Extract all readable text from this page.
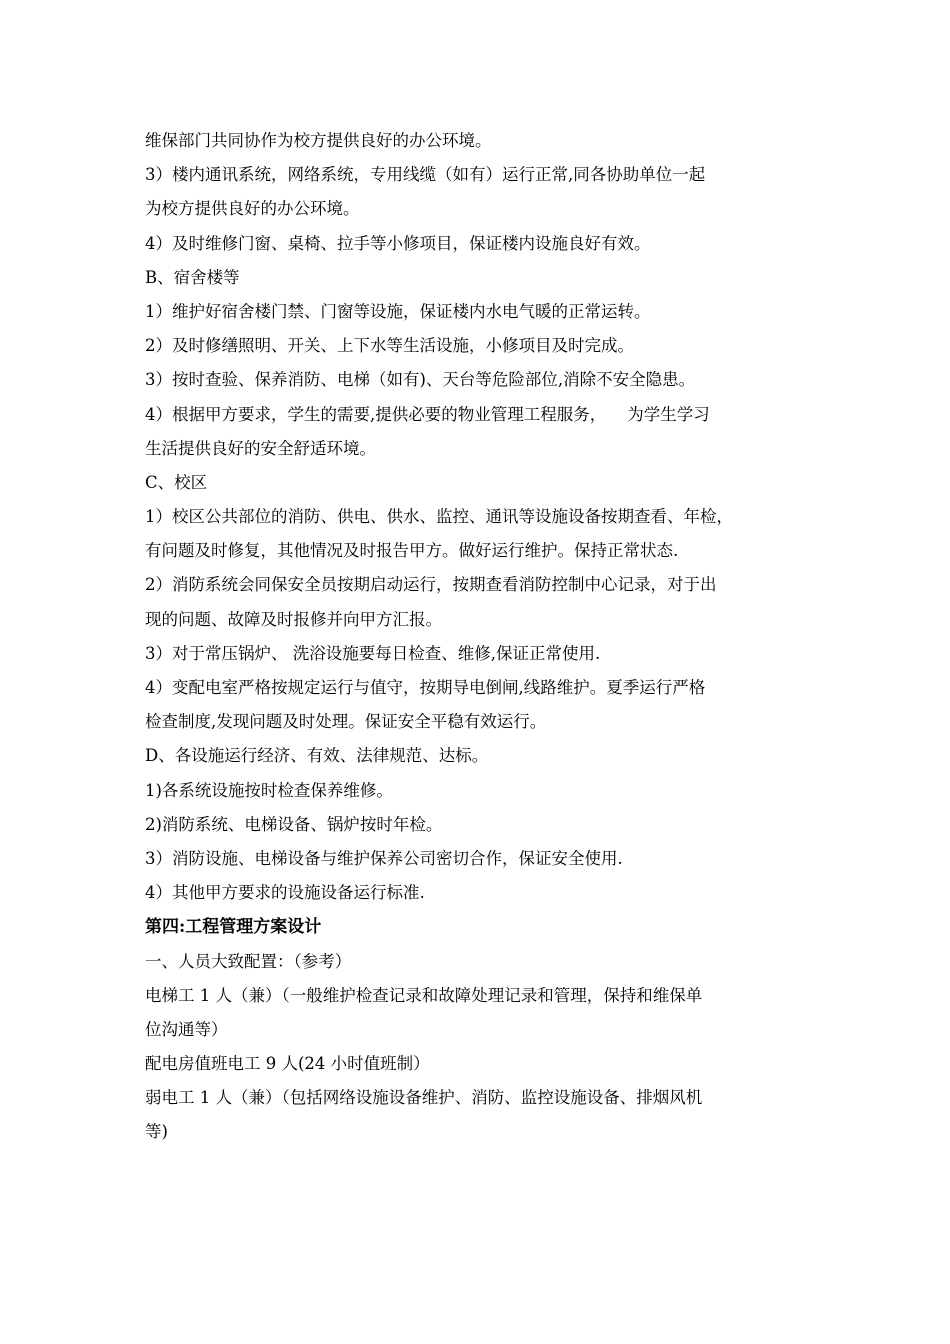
维保部门共同协作为校方提供良好的办公环境。
3）楼内通讯系统，网络系统，专用线缆（如有）运行正常,同各协助单位一起
为校方提供良好的办公环境。
4）及时维修门窗、桌椅、拉手等小修项目，保证楼内设施良好有效。
B、宿舍楼等
1）维护好宿舍楼门禁、门窗等设施，保证楼内水电气暖的正常运转。
2）及时修缮照明、开关、上下水等生活设施，小修项目及时完成。
3）按时查验、保养消防、电梯（如有)、天台等危险部位,消除不安全隐患。
4）根据甲方要求，学生的需要,提供必要的物业管理工程服务，    为学生学习
生活提供良好的安全舒适环境。
C、校区
1）校区公共部位的消防、供电、供水、监控、通讯等设施设备按期查看、年检，
有问题及时修复，其他情况及时报告甲方。做好运行维护。保持正常状态.
2）消防系统会同保安全员按期启动运行，按期查看消防控制中心记录，对于出
现的问题、故障及时报修并向甲方汇报。
3）对于常压锅炉、 洗浴设施要每日检查、维修,保证正常使用.
4）变配电室严格按规定运行与值守，按期导电倒闸,线路维护。夏季运行严格
检查制度,发现问题及时处理。保证安全平稳有效运行。
D、各设施运行经济、有效、法律规范、达标。
1)各系统设施按时检查保养维修。
2)消防系统、电梯设备、锅炉按时年检。
3）消防设施、电梯设备与维护保养公司密切合作，保证安全使用.
4）其他甲方要求的设施设备运行标准.
第四:工程管理方案设计
一、人员大致配置：（参考）
电梯工 1 人（兼）（一般维护检查记录和故障处理记录和管理，保持和维保单
位沟通等）
配电房值班电工 9 人(24 小时值班制）
弱电工 1 人（兼）（包括网络设施设备维护、消防、监控设施设备、排烟风机
等)
